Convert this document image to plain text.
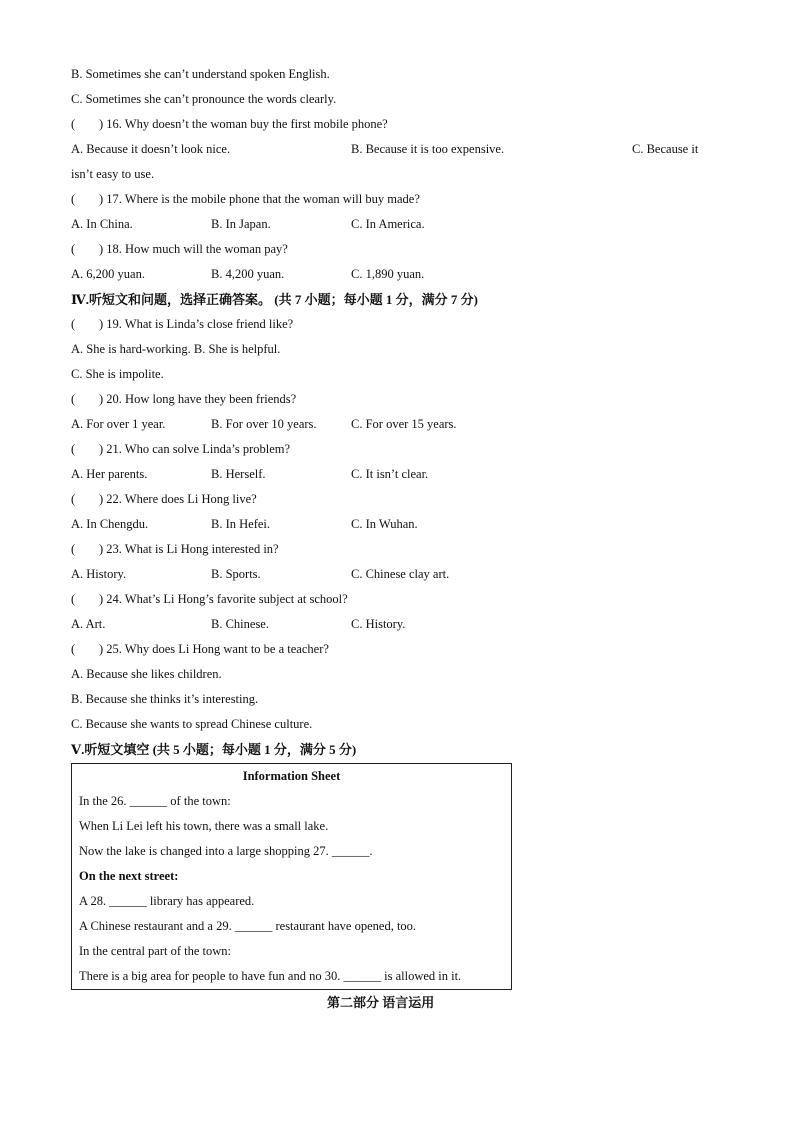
B. Sometimes she can’t understand spoken English.
C. Sometimes she can’t pronounce the words clearly.
( ) 16. Why doesn’t the woman buy the first mobile phone?
A. Because it doesn’t look nice.	B. Because it is too expensive.	C. Because it
isn’t easy to use.
( ) 17. Where is the mobile phone that the woman will buy made?
A. In China.	B. In Japan.	C. In America.
( ) 18. How much will the woman pay?
A. 6,200 yuan.	B. 4,200 yuan.	C. 1,890 yuan.
Ⅳ.听短文和问题，选择正确答案。 (共 7 小题；每小题 1 分，满分 7 分)
( ) 19. What is Linda’s close friend like?
A. She is hard-working. B. She is helpful.
C. She is impolite.
( ) 20. How long have they been friends?
A. For over 1 year.	B. For over 10 years.	C. For over 15 years.
( ) 21. Who can solve Linda’s problem?
A. Her parents.	B. Herself.	C. It isn’t clear.
( ) 22. Where does Li Hong live?
A. In Chengdu.	B. In Hefei.	C. In Wuhan.
( ) 23. What is Li Hong interested in?
A. History.	B. Sports.	C. Chinese clay art.
( ) 24. What’s Li Hong’s favorite subject at school?
A. Art.	B. Chinese.	C. History.
( ) 25. Why does Li Hong want to be a teacher?
A. Because she likes children.
B. Because she thinks it’s interesting.
C. Because she wants to spread Chinese culture.
Ⅴ.听短文填空 (共 5 小题；每小题 1 分，满分 5 分)
Information Sheet
In the 26. ______ of the town:
When Li Lei left his town, there was a small lake.
Now the lake is changed into a large shopping 27. ______.
On the next street:
A 28. ______ library has appeared.
A Chinese restaurant and a 29. ______ restaurant have opened, too.
In the central part of the town:
There is a big area for people to have fun and no 30. ______ is allowed in it.
第二部分 语言运用
